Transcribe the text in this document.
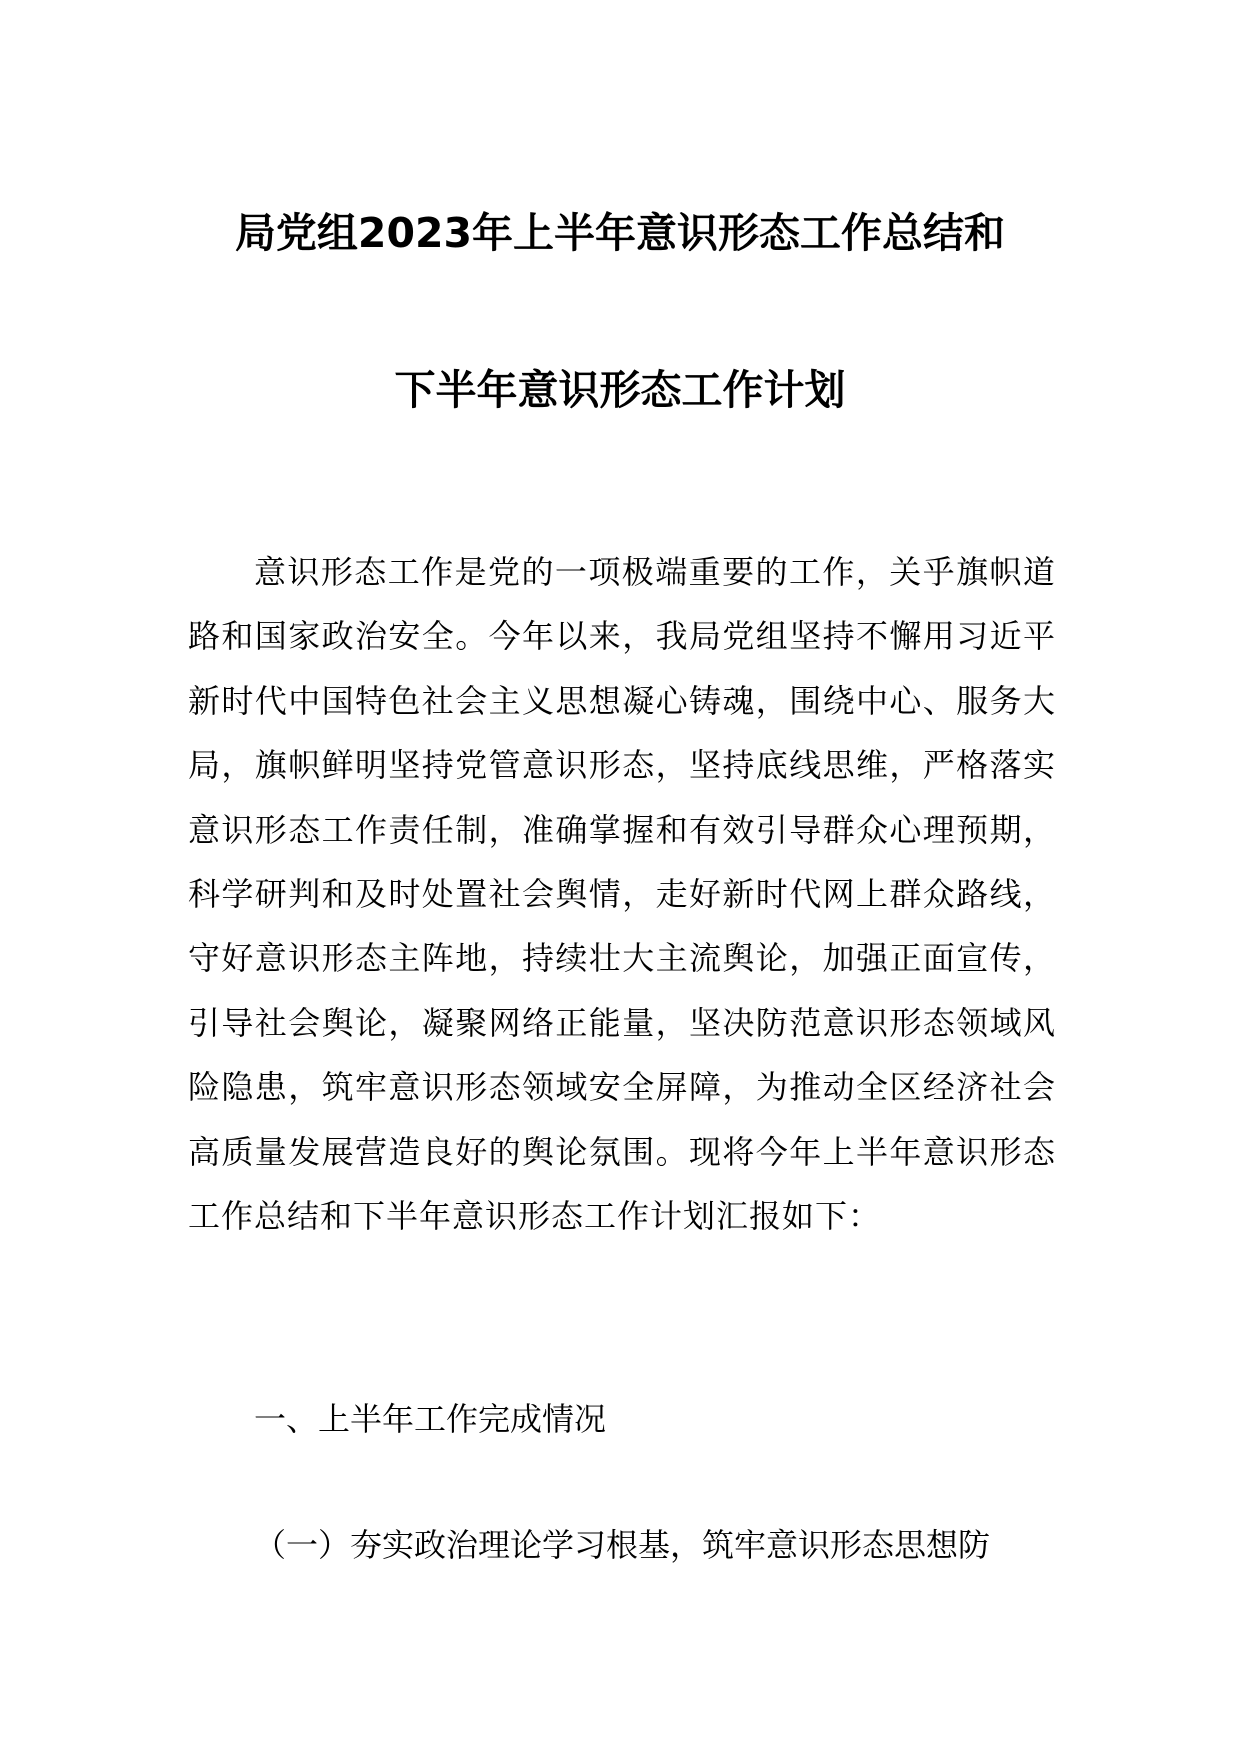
局党组2023年上半年意识形态工作总结和
下半年意识形态工作计划
意识形态工作是党的一项极端重要的工作，关乎旗帜道路和国家政治安全。今年以来，我局党组坚持不懈用习近平新时代中国特色社会主义思想凝心铸魂，围绕中心、服务大局，旗帜鲜明坚持党管意识形态，坚持底线思维，严格落实意识形态工作责任制，准确掌握和有效引导群众心理预期，科学研判和及时处置社会舆情，走好新时代网上群众路线，守好意识形态主阵地，持续壮大主流舆论，加强正面宣传，引导社会舆论，凝聚网络正能量，坚决防范意识形态领域风险隐患，筑牢意识形态领域安全屏障，为推动全区经济社会高质量发展营造良好的舆论氛围。现将今年上半年意识形态工作总结和下半年意识形态工作计划汇报如下：
一、上半年工作完成情况
（一）夯实政治理论学习根基，筑牢意识形态思想防
